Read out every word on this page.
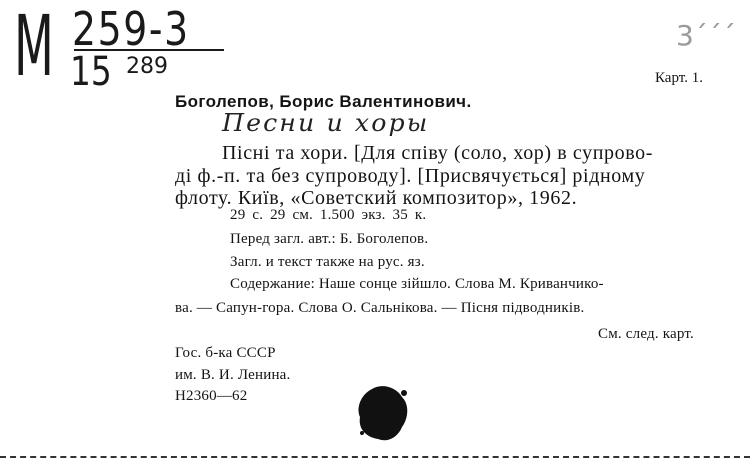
M 259-3
15 289
3´´´
Карт. 1.
Боголепов, Борис Валентинович.
Песни и хоры
Пісні та хори. [Для співу (соло, хор) в супрово-
ді ф.-п. та без супроводу]. [Присвячується] рідному
флоту. Київ, «Советский композитор», 1962.
29 с. 29 см. 1.500 экз. 35 к.
Перед загл. авт.: Б. Боголепов.
Загл. и текст также на рус. яз.
Содержание: Наше сонце зійшло. Слова М. Криванчико-
ва. — Сапун-гора. Слова О. Сальнікова. — Пісня підводників.
См. след. карт.
Гос. б-ка СССР
им. В. И. Ленина.
Н2360—62
